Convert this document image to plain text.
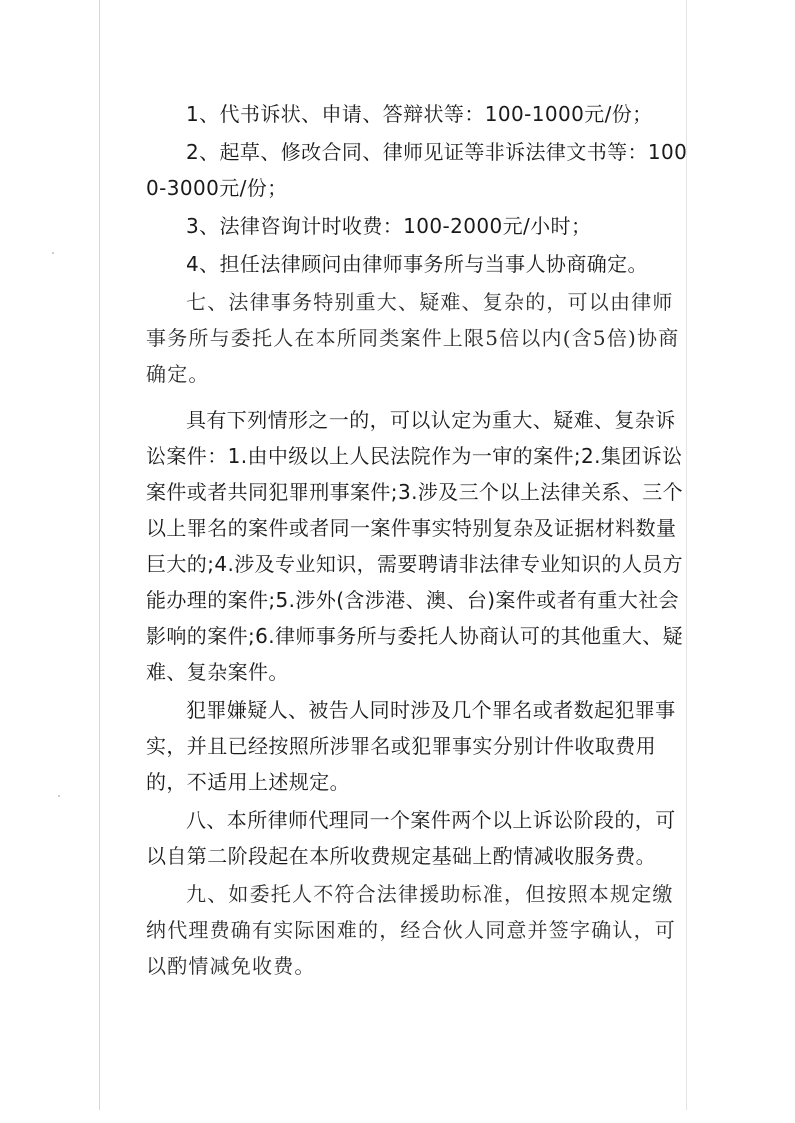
1、代书诉状、申请、答辩状等：100-1000元/份；

2、起草、修改合同、律师见证等非诉法律文书等：1000-3000元/份；

3、法律咨询计时收费：100-2000元/小时；

4、担任法律顾问由律师事务所与当事人协商确定。

七、法律事务特别重大、疑难、复杂的，可以由律师事务所与委托人在本所同类案件上限5倍以内(含5倍)协商确定。

具有下列情形之一的，可以认定为重大、疑难、复杂诉讼案件：1.由中级以上人民法院作为一审的案件;2.集团诉讼案件或者共同犯罪刑事案件;3.涉及三个以上法律关系、三个以上罪名的案件或者同一案件事实特别复杂及证据材料数量巨大的;4.涉及专业知识，需要聘请非法律专业知识的人员方能办理的案件;5.涉外(含涉港、澳、台)案件或者有重大社会影响的案件;6.律师事务所与委托人协商认可的其他重大、疑难、复杂案件。

犯罪嫌疑人、被告人同时涉及几个罪名或者数起犯罪事实，并且已经按照所涉罪名或犯罪事实分别计件收取费用的，不适用上述规定。

八、本所律师代理同一个案件两个以上诉讼阶段的，可以自第二阶段起在本所收费规定基础上酌情减收服务费。

九、如委托人不符合法律援助标准，但按照本规定缴纳代理费确有实际困难的，经合伙人同意并签字确认，可以酌情减免收费。
